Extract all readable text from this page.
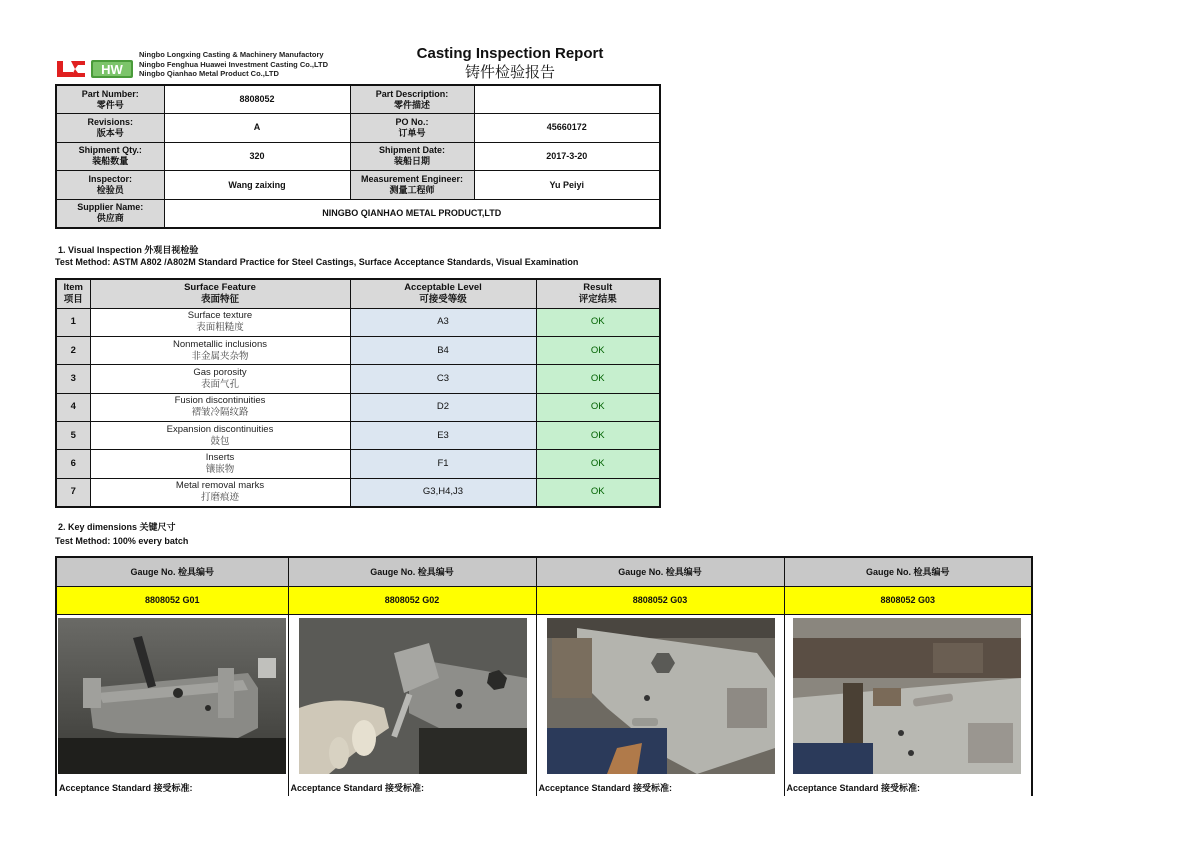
HW
Ningbo Longxing Casting & Machinery Manufactory
Ningbo Fenghua Huawei Investment Casting Co.,LTD
Ningbo Qianhao Metal Product Co.,LTD
Casting Inspection Report
铸件检验报告
Part Number:
零件号
	8808052	
Part Description:
零件描述

Revisions:
版本号
	A	
PO No.:
订单号
	45660172

Shipment Qty.:
装船数量
	320	
Shipment Date:
装船日期
	2017-3-20

Inspector:
检验员
	Wang zaixing	
Measurement Engineer:
测量工程师
	Yu Peiyi

Supplier Name:
供应商	NINGBO QIANHAO METAL PRODUCT,LTD		
1. Visual Inspection 外观目视检验
Test Method: ASTM A802 /A802M Standard Practice for Steel Castings, Surface Acceptance Standards, Visual Examination
Item
项目

Surface Feature
表面特征

Acceptable Level
可接受等级

Result
评定结果

1	Surface texture
表面粗糙度	A3	OK
2	Nonmetallic inclusions
非金属夹杂物	B4	OK
3	Gas porosity
表面气孔	C3	OK
4	Fusion discontinuities
褶皱冷隔纹路	D2	OK
5	Expansion discontinuities
鼓包	E3	OK
6	Inserts
镶嵌物	F1	OK
7	Metal removal marks
打磨痕迹	G3,H4,J3	OK
2. Key dimensions 关键尺寸
Test Method: 100% every batch
Gauge No. 检具编号	Gauge No. 检具编号	Gauge No. 检具编号	Gauge No. 检具编号
8808052 G01	8808052 G02	8808052 G03	8808052 G03

Acceptance Standard 接受标准:	Acceptance Standard 接受标准:	Acceptance Standard 接受标准:	Acceptance Standard 接受标准:
